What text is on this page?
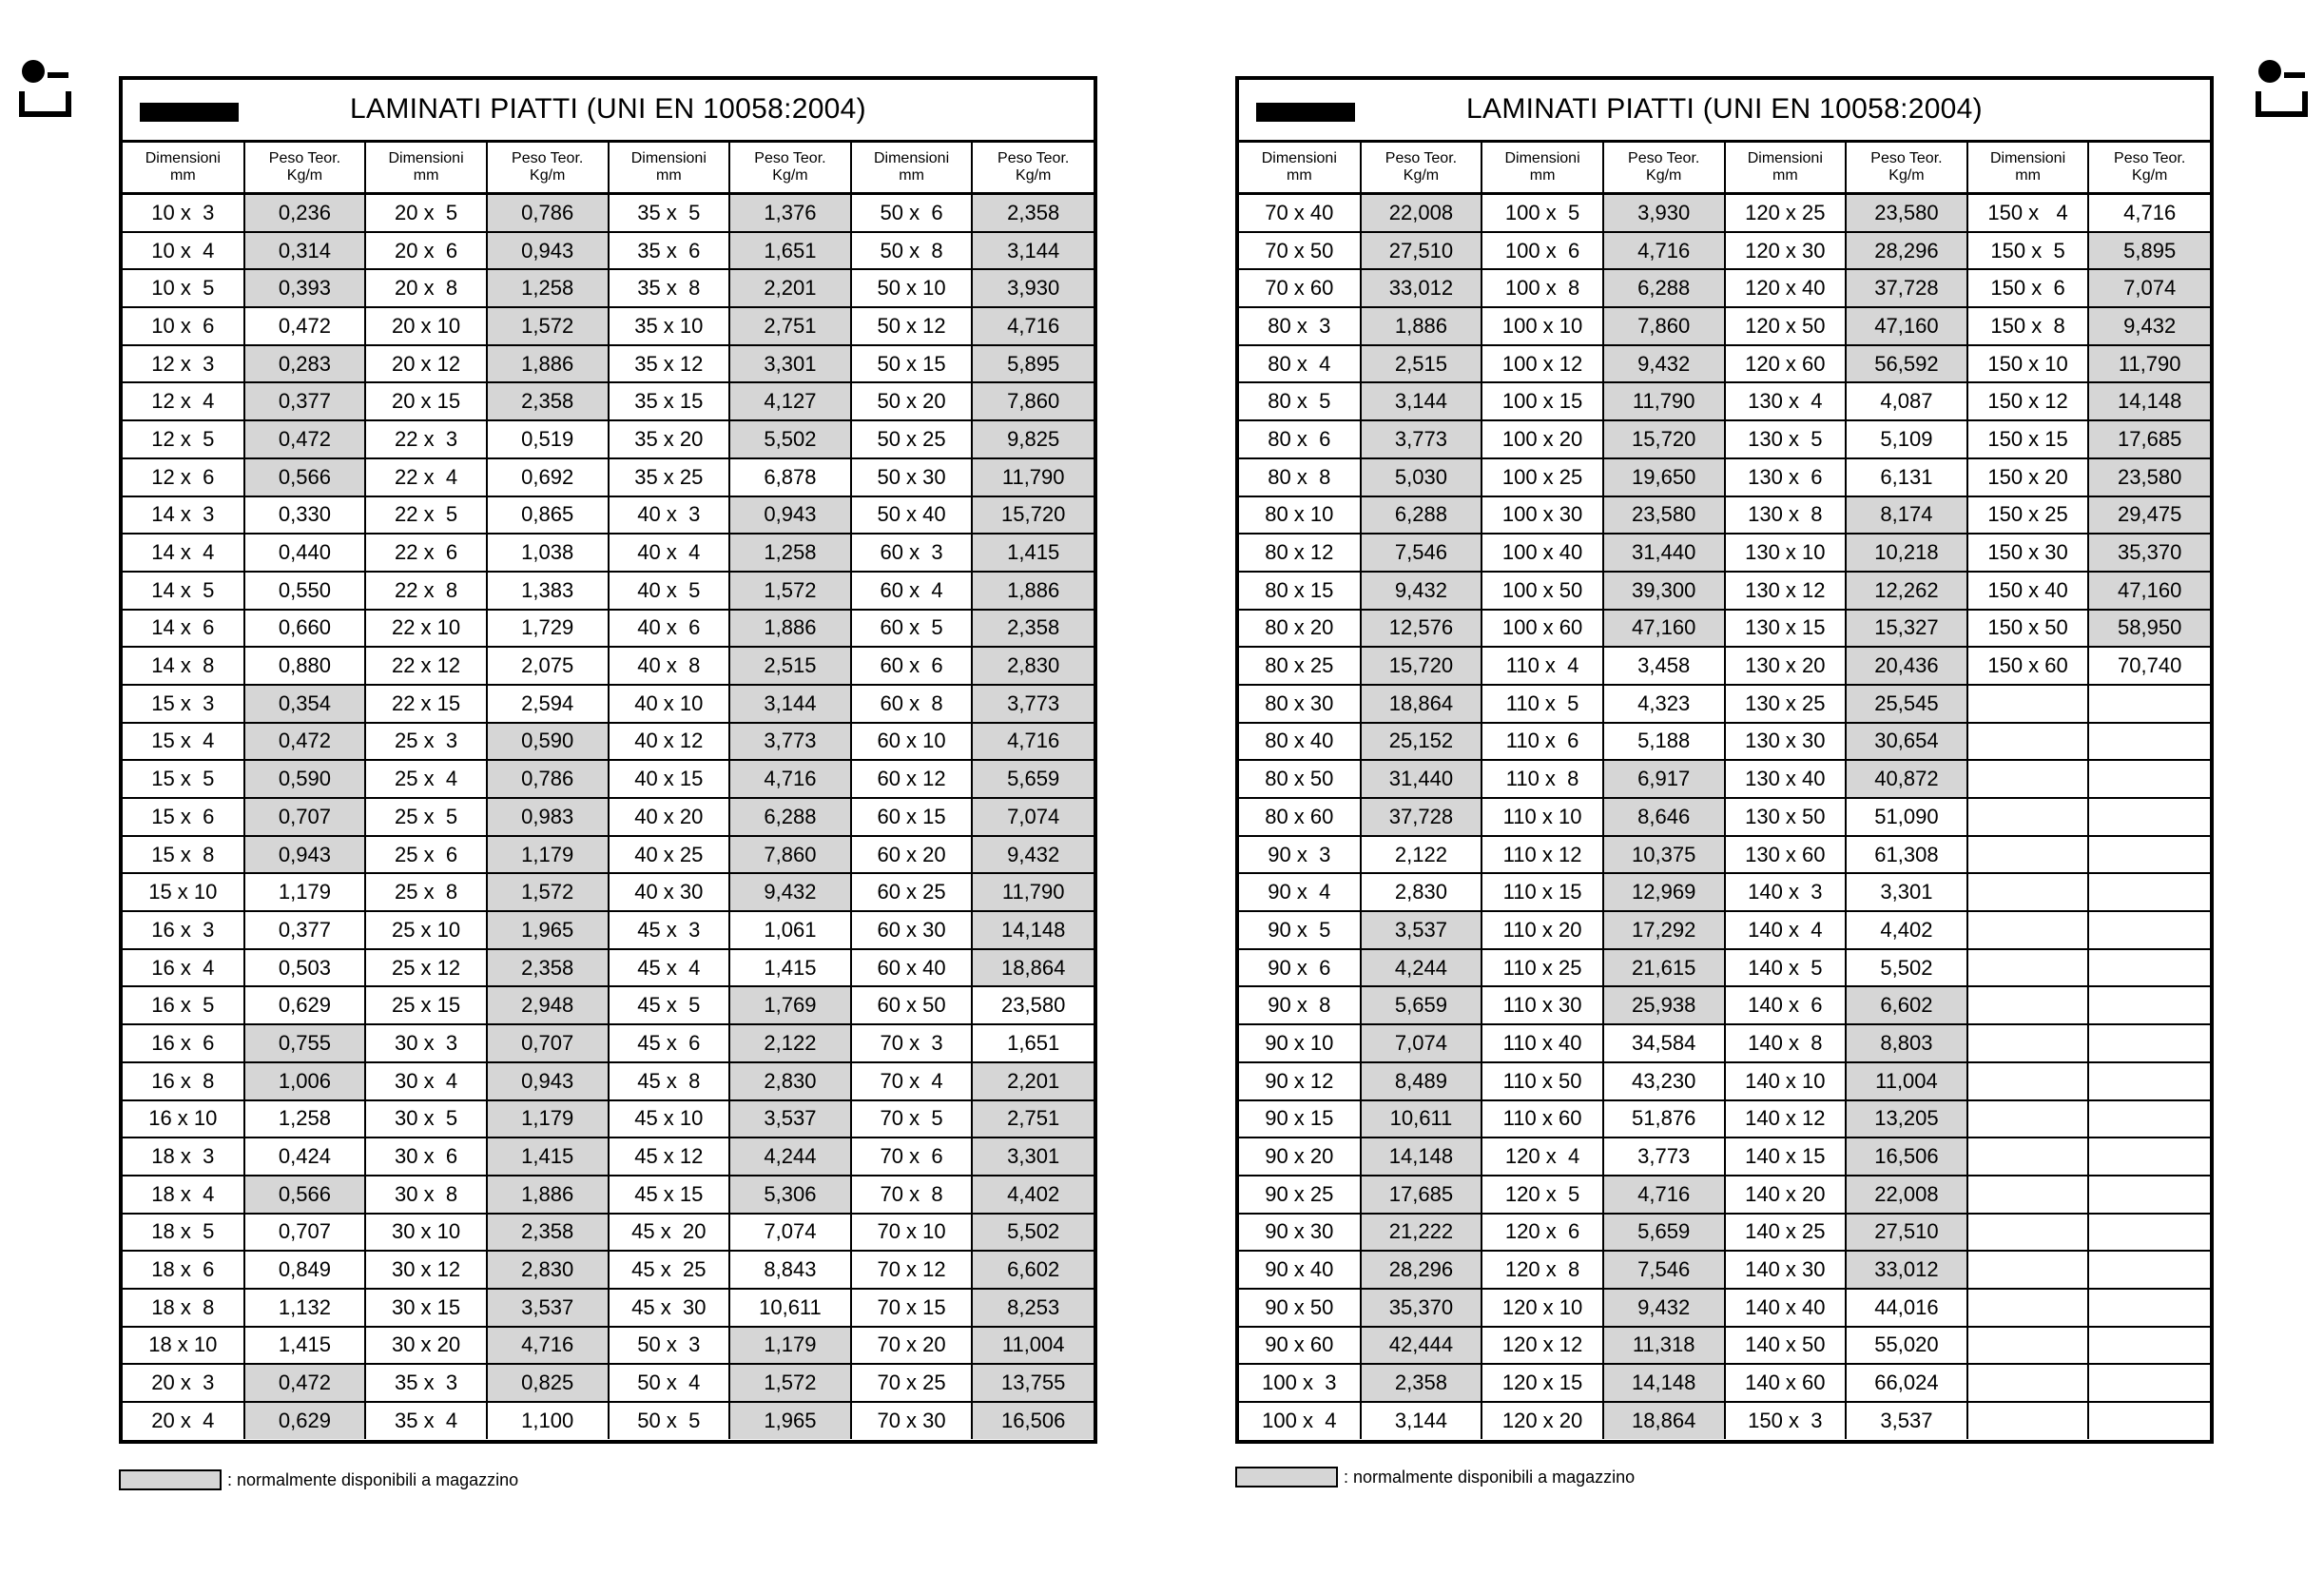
LAMINATI PIATTI (UNI EN 10058:2004)
Dimensioni
mm	Peso Teor.
Kg/m	Dimensioni
mm	Peso Teor.
Kg/m	Dimensioni
mm	Peso Teor.
Kg/m	Dimensioni
mm	Peso Teor.
Kg/m

10 x  3	0,236	20 x  5	0,786	35 x  5	1,376	50 x  6	2,358
10 x  4	0,314	20 x  6	0,943	35 x  6	1,651	50 x  8	3,144
10 x  5	0,393	20 x  8	1,258	35 x  8	2,201	50 x 10	3,930
10 x  6	0,472	20 x 10	1,572	35 x 10	2,751	50 x 12	4,716
12 x  3	0,283	20 x 12	1,886	35 x 12	3,301	50 x 15	5,895
12 x  4	0,377	20 x 15	2,358	35 x 15	4,127	50 x 20	7,860
12 x  5	0,472	22 x  3	0,519	35 x 20	5,502	50 x 25	9,825
12 x  6	0,566	22 x  4	0,692	35 x 25	6,878	50 x 30	11,790
14 x  3	0,330	22 x  5	0,865	40 x  3	0,943	50 x 40	15,720
14 x  4	0,440	22 x  6	1,038	40 x  4	1,258	60 x  3	1,415
14 x  5	0,550	22 x  8	1,383	40 x  5	1,572	60 x  4	1,886
14 x  6	0,660	22 x 10	1,729	40 x  6	1,886	60 x  5	2,358
14 x  8	0,880	22 x 12	2,075	40 x  8	2,515	60 x  6	2,830
15 x  3	0,354	22 x 15	2,594	40 x 10	3,144	60 x  8	3,773
15 x  4	0,472	25 x  3	0,590	40 x 12	3,773	60 x 10	4,716
15 x  5	0,590	25 x  4	0,786	40 x 15	4,716	60 x 12	5,659
15 x  6	0,707	25 x  5	0,983	40 x 20	6,288	60 x 15	7,074
15 x  8	0,943	25 x  6	1,179	40 x 25	7,860	60 x 20	9,432
15 x 10	1,179	25 x  8	1,572	40 x 30	9,432	60 x 25	11,790
16 x  3	0,377	25 x 10	1,965	45 x  3	1,061	60 x 30	14,148
16 x  4	0,503	25 x 12	2,358	45 x  4	1,415	60 x 40	18,864
16 x  5	0,629	25 x 15	2,948	45 x  5	1,769	60 x 50	23,580
16 x  6	0,755	30 x  3	0,707	45 x  6	2,122	70 x  3	1,651
16 x  8	1,006	30 x  4	0,943	45 x  8	2,830	70 x  4	2,201
16 x 10	1,258	30 x  5	1,179	45 x 10	3,537	70 x  5	2,751
18 x  3	0,424	30 x  6	1,415	45 x 12	4,244	70 x  6	3,301
18 x  4	0,566	30 x  8	1,886	45 x 15	5,306	70 x  8	4,402
18 x  5	0,707	30 x 10	2,358	45 x  20	7,074	70 x 10	5,502
18 x  6	0,849	30 x 12	2,830	45 x  25	8,843	70 x 12	6,602
18 x  8	1,132	30 x 15	3,537	45 x  30	10,611	70 x 15	8,253
18 x 10	1,415	30 x 20	4,716	50 x  3	1,179	70 x 20	11,004
20 x  3	0,472	35 x  3	0,825	50 x  4	1,572	70 x 25	13,755
20 x  4	0,629	35 x  4	1,100	50 x  5	1,965	70 x 30	16,506
LAMINATI PIATTI (UNI EN 10058:2004)
Dimensioni
mm	Peso Teor.
Kg/m	Dimensioni
mm	Peso Teor.
Kg/m	Dimensioni
mm	Peso Teor.
Kg/m	Dimensioni
mm	Peso Teor.
Kg/m

70 x 40	22,008	100 x  5	3,930	120 x 25	23,580	150 x   4	4,716
70 x 50	27,510	100 x  6	4,716	120 x 30	28,296	150 x  5	5,895
70 x 60	33,012	100 x  8	6,288	120 x 40	37,728	150 x  6	7,074
80 x  3	1,886	100 x 10	7,860	120 x 50	47,160	150 x  8	9,432
80 x  4	2,515	100 x 12	9,432	120 x 60	56,592	150 x 10	11,790
80 x  5	3,144	100 x 15	11,790	130 x  4	4,087	150 x 12	14,148
80 x  6	3,773	100 x 20	15,720	130 x  5	5,109	150 x 15	17,685
80 x  8	5,030	100 x 25	19,650	130 x  6	6,131	150 x 20	23,580
80 x 10	6,288	100 x 30	23,580	130 x  8	8,174	150 x 25	29,475
80 x 12	7,546	100 x 40	31,440	130 x 10	10,218	150 x 30	35,370
80 x 15	9,432	100 x 50	39,300	130 x 12	12,262	150 x 40	47,160
80 x 20	12,576	100 x 60	47,160	130 x 15	15,327	150 x 50	58,950
80 x 25	15,720	110 x  4	3,458	130 x 20	20,436	150 x 60	70,740
80 x 30	18,864	110 x  5	4,323	130 x 25	25,545		
80 x 40	25,152	110 x  6	5,188	130 x 30	30,654		
80 x 50	31,440	110 x  8	6,917	130 x 40	40,872		
80 x 60	37,728	110 x 10	8,646	130 x 50	51,090		
90 x  3	2,122	110 x 12	10,375	130 x 60	61,308		
90 x  4	2,830	110 x 15	12,969	140 x  3	3,301		
90 x  5	3,537	110 x 20	17,292	140 x  4	4,402		
90 x  6	4,244	110 x 25	21,615	140 x  5	5,502		
90 x  8	5,659	110 x 30	25,938	140 x  6	6,602		
90 x 10	7,074	110 x 40	34,584	140 x  8	8,803		
90 x 12	8,489	110 x 50	43,230	140 x 10	11,004		
90 x 15	10,611	110 x 60	51,876	140 x 12	13,205		
90 x 20	14,148	120 x  4	3,773	140 x 15	16,506		
90 x 25	17,685	120 x  5	4,716	140 x 20	22,008		
90 x 30	21,222	120 x  6	5,659	140 x 25	27,510		
90 x 40	28,296	120 x  8	7,546	140 x 30	33,012		
90 x 50	35,370	120 x 10	9,432	140 x 40	44,016		
90 x 60	42,444	120 x 12	11,318	140 x 50	55,020		
100 x  3	2,358	120 x 15	14,148	140 x 60	66,024		
100 x  4	3,144	120 x 20	18,864	150 x  3	3,537		
: normalmente disponibili a magazzino	: normalmente disponibili a magazzino
